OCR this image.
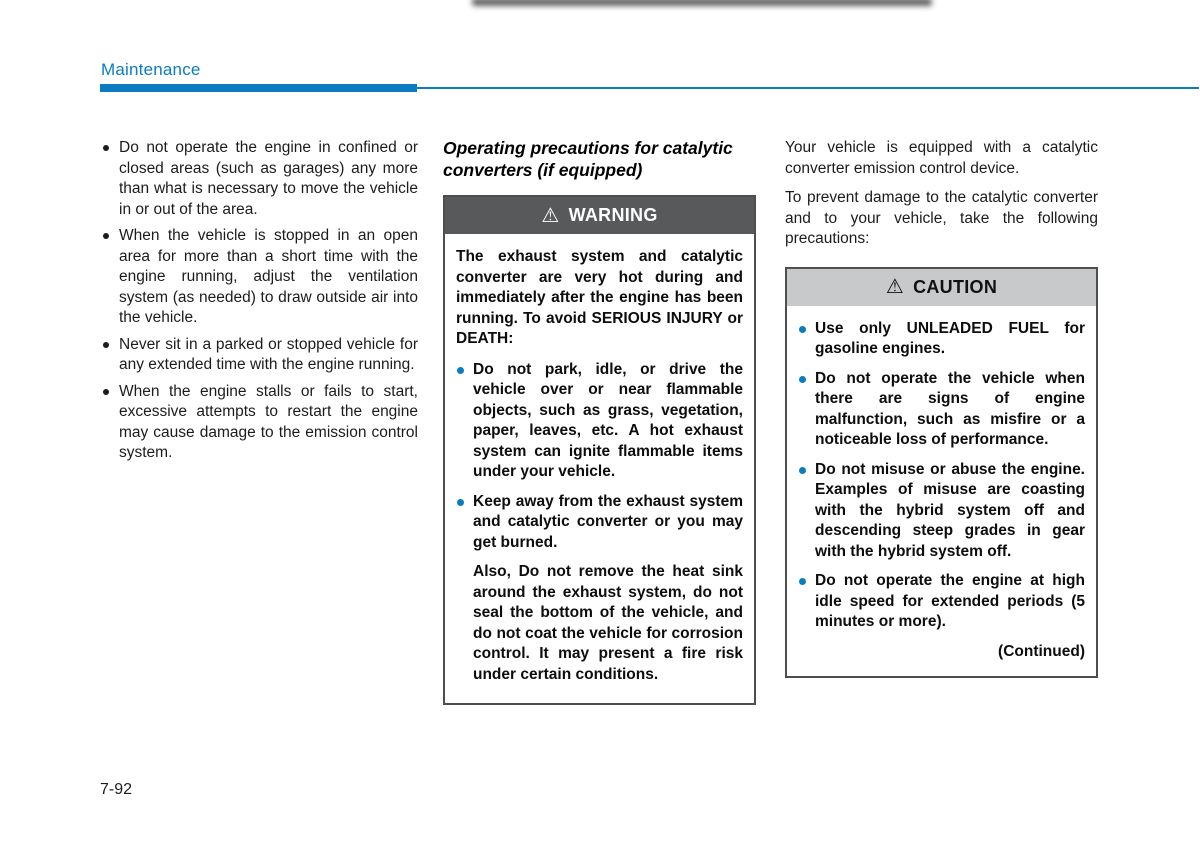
Maintenance
Do not operate the engine in confined or closed areas (such as garages) any more than what is necessary to move the vehicle in or out of the area.
When the vehicle is stopped in an open area for more than a short time with the engine running, adjust the ventilation system (as needed) to draw outside air into the vehicle.
Never sit in a parked or stopped vehicle for any extended time with the engine running.
When the engine stalls or fails to start, excessive attempts to restart the engine may cause damage to the emission control system.
Operating precautions for catalytic converters (if equipped)
⚠ WARNING

The exhaust system and catalytic converter are very hot during and immediately after the engine has been running. To avoid SERIOUS INJURY or DEATH:

Do not park, idle, or drive the vehicle over or near flammable objects, such as grass, vegetation, paper, leaves, etc. A hot exhaust system can ignite flammable items under your vehicle.
Keep away from the exhaust system and catalytic converter or you may get burned.

Also, Do not remove the heat sink around the exhaust system, do not seal the bottom of the vehicle, and do not coat the vehicle for corrosion control. It may present a fire risk under certain conditions.

Your vehicle is equipped with a catalytic converter emission control device.

To prevent damage to the catalytic converter and to your vehicle, take the following precautions:

⚠ CAUTION
Use only UNLEADED FUEL for gasoline engines.
Do not operate the vehicle when there are signs of engine malfunction, such as misfire or a noticeable loss of performance.
Do not misuse or abuse the engine. Examples of misuse are coasting with the hybrid system off and descending steep grades in gear with the hybrid system off.
Do not operate the engine at high idle speed for extended periods (5 minutes or more).

(Continued)

7-92
